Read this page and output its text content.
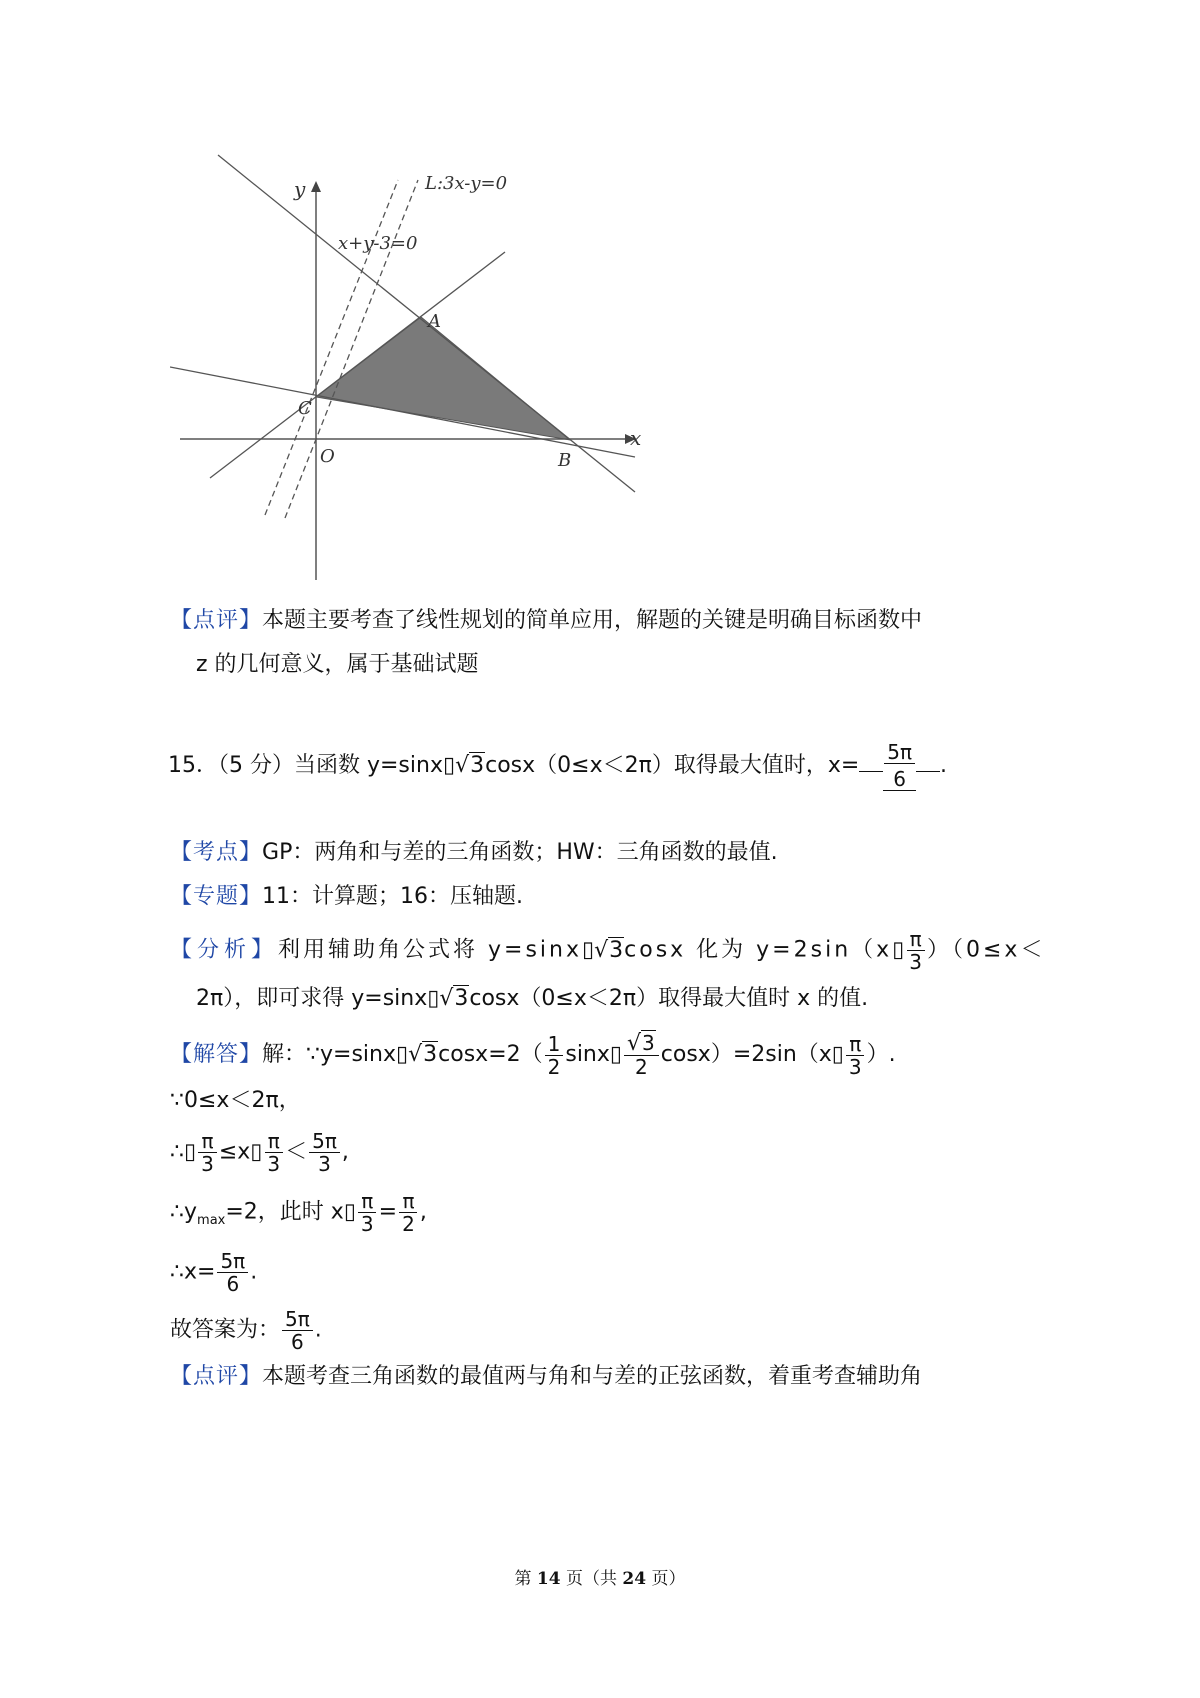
y
x
O
A
B
C
L:3x-y=0
x+y-3=0
【点评】本题主要考查了线性规划的简单应用，解题的关键是明确目标函数中
z 的几何意义，属于基础试题
15．（5 分）当函数 y=sinx▯√3cosx（0≤x＜2π）取得最大值时，$x= \frac{5\pi}{6}$ .
【考点】GP：两角和与差的三角函数；HW：三角函数的最值.
【专题】11：计算题；16：压轴题.
【分析】利用辅助角公式将 y=sinx▯√3cosx 化为 y=2sin（x▯ $\frac{\pi}{3} )(0\le x<$
2π），即可求得 y=sinx▯√3cosx（0≤x＜2π）取得最大值时 x 的值.
【解答】解：∵y=sinx▯√3cosx=2（ $\frac{1}{2}$ sinx▯ $\frac{√3}{2}$ cosx）=2sin（x▯ $\frac{\pi}{3}$ ）.
∵0≤x＜2π，
∴▯ $\frac{\pi}{3}$ ≤x▯ $\frac{\pi}{3} < \frac{5\pi}{3}$ ,
$\therefore y_{max}=2$，此时 x▯ $\frac{\pi}{3} = \frac{\pi}{2}$ ,
∴x= $\frac{5\pi}{6}$ .
故答案为： $\frac{5\pi}{6}$ .
【点评】本题考查三角函数的最值两与角和与差的正弦函数，着重考查辅助角
第 14 页（共 24 页）
